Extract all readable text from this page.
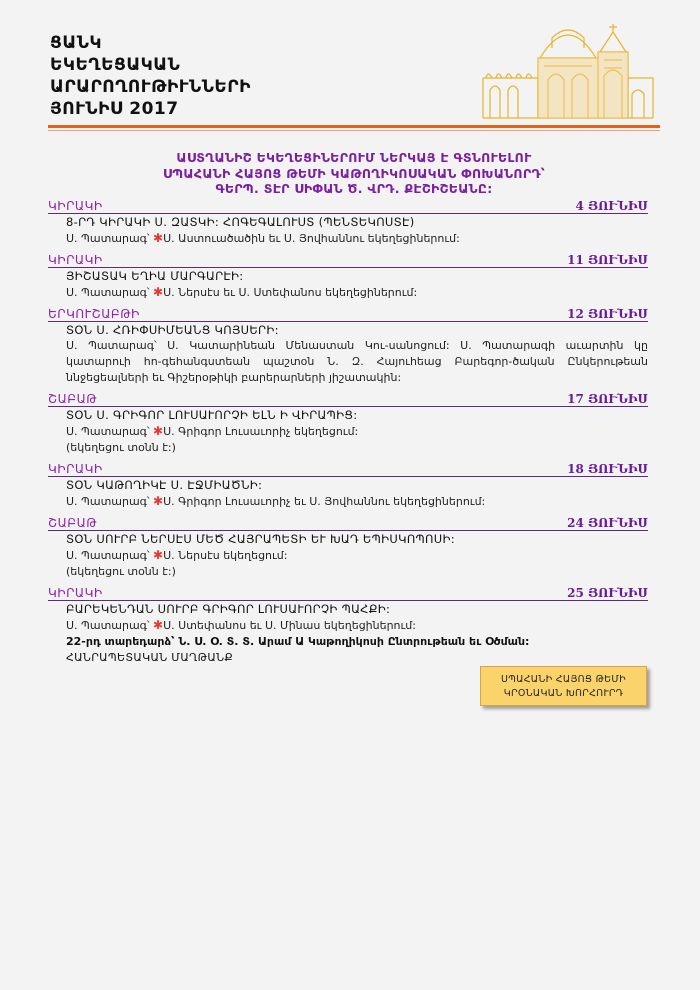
ՑԱՆԿ
ԵԿԵՂԵՑԱԿԱՆ
ԱՐԱՐՈՂՈՒԹԻՒՆՆԵՐԻ
ՅՈՒՆԻՍ 2017
ԱՍՏՂԱՆԻՇ ԵԿԵՂԵՑԻՆԵՐՈՒՄ ՆԵՐԿԱՅ Է ԳՏՆՈՒԵԼՈՒ
ՍՊԱՀԱՆԻ ՀԱՅՈՑ ԹԵՄԻ ԿԱԹՈՂԻԿՈՍԱԿԱՆ ՓՈԽԱՆՈՐԴ՝
ԳԵՐՊ. ՏԷՐ ՍԻՓԱՆ Ծ. ՎՐԴ. ՔԷՇԻՇԵԱՆԸ:
ԿԻՐԱԿԻ	4 ՅՈՒՆԻՍ
8-ՐԴ ԿԻՐԱԿԻ Ս. ԶԱՏԿԻ: ՀՈԳԵԳԱԼՈՒՍՏ (ՊԵՆՏԵԿՈՍՏԷ)
Ս. Պատարագ՝ ✱Ս. Աստուածածին եւ Ս. Յովհաննու եկեղեցիներում:
ԿԻՐԱԿԻ	11 ՅՈՒՆԻՍ
ՅԻՇԱՏԱԿ ԵՂԻԱ ՄԱՐԳԱՐԷԻ:
Ս. Պատարագ՝ ✱Ս. Ներսէս եւ Ս. Ստեփանոս եկեղեցիներում:
ԵՐԿՈՒՇԱԲԹԻ	12 ՅՈՒՆԻՍ
ՏՕՆ Ս. ՀՌԻՓՍԻՄԵԱՆՑ ԿՈՅՍԵՐԻ:
Ս. Պատարագ՝ Ս. Կատարինեան Մենաստան Կու-սանոցում: Ս. Պատարագի աւարտին կը կատարուի հո-գեհանգստեան պաշտօն Ն. Զ. Հայուհեաց Բարեգոր-ծական Ընկերութեան ննջեցեալների եւ Գիշերօթիկի բարերարների յիշատակին:
ՇԱԲԱԹ	17 ՅՈՒՆԻՍ
ՏՕՆ Ս. ԳՐԻԳՈՐ ԼՈՒՍԱՒՈՐՉԻ ԵԼՆ Ի ՎԻՐԱՊԻՑ:
Ս. Պատարագ՝ ✱Ս. Գրիգոր Լուսաւորիչ եկեղեցում:
(եկեղեցու տօնն է:)
ԿԻՐԱԿԻ	18 ՅՈՒՆԻՍ
ՏՕՆ ԿԱԹՈՂԻԿԷ Ս. ԷՋՄԻԱԾՆԻ:
Ս. Պատարագ՝ ✱Ս. Գրիգոր Լուսաւորիչ եւ Ս. Յովհաննու եկեղեցիներում:
ՇԱԲԱԹ	24 ՅՈՒՆԻՍ
ՏՕՆ ՍՈՒՐԲ ՆԵՐՍԷՍ ՄԵԾ ՀԱՅՐԱՊԵՏԻ ԵՒ ԽԱԴ ԵՊԻՍԿՈՊՈՍԻ:
Ս. Պատարագ՝ ✱Ս. Ներսէս եկեղեցում:
(եկեղեցու տօնն է:)
ԿԻՐԱԿԻ	25 ՅՈՒՆԻՍ
ԲԱՐԵԿԵՆԴԱՆ ՍՈՒՐԲ ԳՐԻԳՈՐ ԼՈՒՍԱՒՈՐՉԻ ՊԱՀՔԻ:
Ս. Պատարագ՝ ✱Ս. Ստեփանոս եւ Ս. Մինաս եկեղեցիներում:
22-րդ տարեդարձ՝ Ն. Ս. Օ. Տ. Տ. Արամ Ա Կաթողիկոսի Ընտրութեան եւ Օծման:
ՀԱՆՐԱՊԵՏԱԿԱՆ ՄԱՂԹԱՆՔ
ՍՊԱՀԱՆԻ ՀԱՅՈՑ ԹԵՄԻ
ԿՐՕՆԱԿԱՆ ԽՈՐՀՈՒՐԴ
